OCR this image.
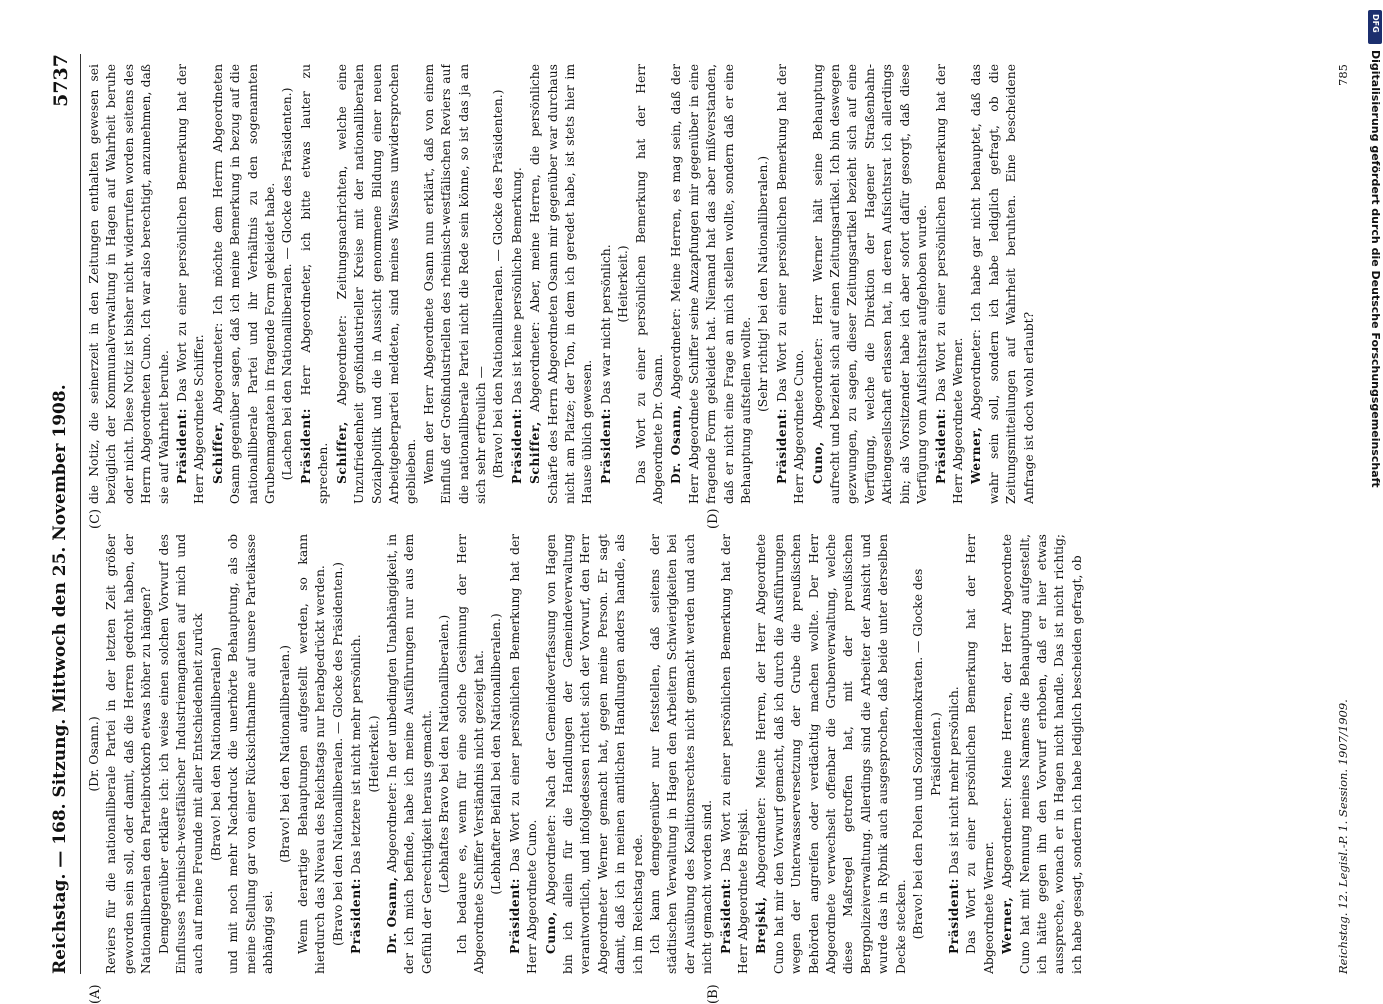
Reichstag. — 168. Sitzung. Mittwoch den 25. November 1908.
5737
(A)	(B)
(C)	(D)

(Dr. Osann.) Reviers für die nationalliberale Partei in der letzten Zeit größer geworden sein soll, oder damit, daß die Herren gedroht haben, der Nationalliberalen den Parteibrotkorb etwas höher zu hängen? Demgegenüber erkläre ich: ich weise einen solchen Vorwurf des Einflusses rheinisch-westfälischer Industriemagnaten auf mich und auch auf meine Freunde mit aller Entschiedenheit zurück (Bravo! bei den Nationalliberalen) und mit noch mehr Nachdruck die unerhörte Behauptung, als ob meine Stellung gar von einer Rücksichtnahme auf unsere Parteikasse abhängig sei.

(Bravo! bei den Nationalliberalen.) Wenn derartige Behauptungen aufgestellt werden, so kann hierdurch das Niveau des Reichstags nur herabgedrückt werden. (Bravo bei den Nationalliberalen. — Glocke des Präsidenten.) Präsident: Das letztere ist nicht mehr persönlich. (Heiterkeit.)

Dr. Osann, Abgeordneter: In der unbedingten Unabhängigkeit, in der ich mich befinde, habe ich meine Ausführungen nur aus dem Gefühl der Gerechtigkeit heraus gemacht. (Lebhaftes Bravo bei den Nationalliberalen.) Ich bedaure es, wenn für eine solche Gesinnung der Herr Abgeordnete Schiffer Verständnis nicht gezeigt hat. (Lebhafter Beifall bei den Nationalliberalen.)

Präsident: Das Wort zu einer persönlichen Bemerkung hat der Herr Abgeordnete Cuno. Cuno, Abgeordneter: Nach der Gemeindeverfassung von Hagen bin ich allein für die Handlungen der Gemeindeverwaltung verantwortlich, und infolgedessen richtet sich der Vorwurf, den Herr Abgeordneter Werner gemacht hat, gegen meine Person. Er sagt damit, daß ich in meinen amtlichen Handlungen anders handle, als ich im Reichstag rede. Ich kann demgegenüber nur feststellen, daß seitens der städtischen Verwaltung in Hagen den Arbeitern Schwierigkeiten bei der Ausübung des Koalitionsrechtes nicht gemacht werden und auch nicht gemacht worden sind. Präsident: Das Wort zu einer persönlichen Bemerkung hat der Herr Abgeordnete Brejski. Brejski, Abgeordneter: Meine Herren, der Herr Abgeordnete Cuno hat mir den Vorwurf gemacht, daß ich durch die Ausführungen wegen der Unterwasserversetzung der Grube die preußischen Behörden angreifen oder verdächtig machen wollte. Der Herr Abgeordnete verwechselt offenbar die Grubenverwaltung, welche diese Maßregel getroffen hat, mit der preußischen Bergpolizeiverwaltung. Allerdings sind die Arbeiter der Ansicht und wurde das in Rybnik auch ausgesprochen, daß beide unter derselben Decke stecken. (Bravo! bei den Polen und Sozialdemokraten. — Glocke des Präsidenten.)

Präsident: Das ist nicht mehr persönlich. Das Wort zu einer persönlichen Bemerkung hat der Herr Abgeordnete Werner. Werner, Abgeordneter: Meine Herren, der Herr Abgeordnete Cuno hat mit Nennung meines Namens die Behauptung aufgestellt, ich hätte gegen ihn den Vorwurf erhoben, daß er hier etwas ausspreche, wonach er in Hagen nicht handle. Das ist nicht richtig; ich habe gesagt, sondern ich habe lediglich bescheiden gefragt, ob

die Notiz, die seinerzeit in den Zeitungen enthalten gewesen sei bezüglich der Kommunalverwaltung in Hagen auf Wahrheit beruhe oder nicht. Diese Notiz ist bisher nicht widerrufen worden seitens des Herrn Abgeordneten Cuno. Ich war also berechtigt, anzunehmen, daß sie auf Wahrheit beruhe. Präsident: Das Wort zu einer persönlichen Bemerkung hat der Herr Abgeordnete Schiffer. Schiffer, Abgeordneter: Ich möchte dem Herrn Abgeordneten Osann gegenüber sagen, daß ich meine Bemerkung in bezug auf die nationalliberale Partei und ihr Verhältnis zu den sogenannten Grubenmagnaten in fragende Form gekleidet habe. (Lachen bei den Nationalliberalen. — Glocke des Präsidenten.) Präsident: Herr Abgeordneter, ich bitte etwas lauter zu sprechen. Schiffer, Abgeordneter: Zeitungsnachrichten, welche eine Unzufriedenheit großindustrieller Kreise mit der nationalliberalen Sozialpolitik und die in Aussicht genommene Bildung einer neuen Arbeitgeberpartei meldeten, sind meines Wissens unwidersprochen geblieben. Wenn der Herr Abgeordnete Osann nun erklärt, daß von einem Einfluß der Großindustriellen des rheinisch-westfälischen Reviers auf die nationalliberale Partei nicht die Rede sein könne, so ist das ja an sich sehr erfreulich — (Bravo! bei den Nationalliberalen. — Glocke des Präsidenten.) Präsident: Das ist keine persönliche Bemerkung.

Schiffer, Abgeordneter: Aber, meine Herren, die persönliche Schärfe des Herrn Abgeordneten Osann mir gegenüber war durchaus nicht am Platze; der Ton, in dem ich geredet habe, ist stets hier im Hause üblich gewesen. Präsident: Das war nicht persönlich. (Heiterkeit.) Das Wort zu einer persönlichen Bemerkung hat der Herr Abgeordnete Dr. Osann. Dr. Osann, Abgeordneter: Meine Herren, es mag sein, daß der Herr Abgeordnete Schiffer seine Anzapfungen mir gegenüber in eine fragende Form gekleidet hat. Niemand hat das aber mißverstanden, daß er nicht eine Frage an mich stellen wollte, sondern daß er eine Behauptung aufstellen wollte. (Sehr richtig! bei den Nationalliberalen.)

Präsident: Das Wort zu einer persönlichen Bemerkung hat der Herr Abgeordnete Cuno. Cuno, Abgeordneter: Herr Werner hält seine Behauptung aufrecht und bezieht sich auf einen Zeitungsartikel. Ich bin deswegen gezwungen, zu sagen, dieser Zeitungsartikel bezieht sich auf eine Verfügung, welche die Direktion der Hagener Straßenbahn-Aktiengesellschaft erlassen hat, in deren Aufsichtsrat ich allerdings bin; als Vorsitzender habe ich aber sofort dafür gesorgt, daß diese Verfügung vom Aufsichtsrat aufgehoben wurde. Präsident: Das Wort zu einer persönlichen Bemerkung hat der Herr Abgeordnete Werner. Werner, Abgeordneter: Ich habe gar nicht behauptet, daß das wahr sein soll, sondern ich habe lediglich gefragt, ob die Zeitungsmitteilungen auf Wahrheit beruhten. Eine bescheidene Anfrage ist doch wohl erlaubt?

Reichstag. 12. Legisl.-P. 1. Session. 1907/1909.
785
DFG
Digitalisierung gefördert durch die Deutsche Forschungsgemeinschaft
